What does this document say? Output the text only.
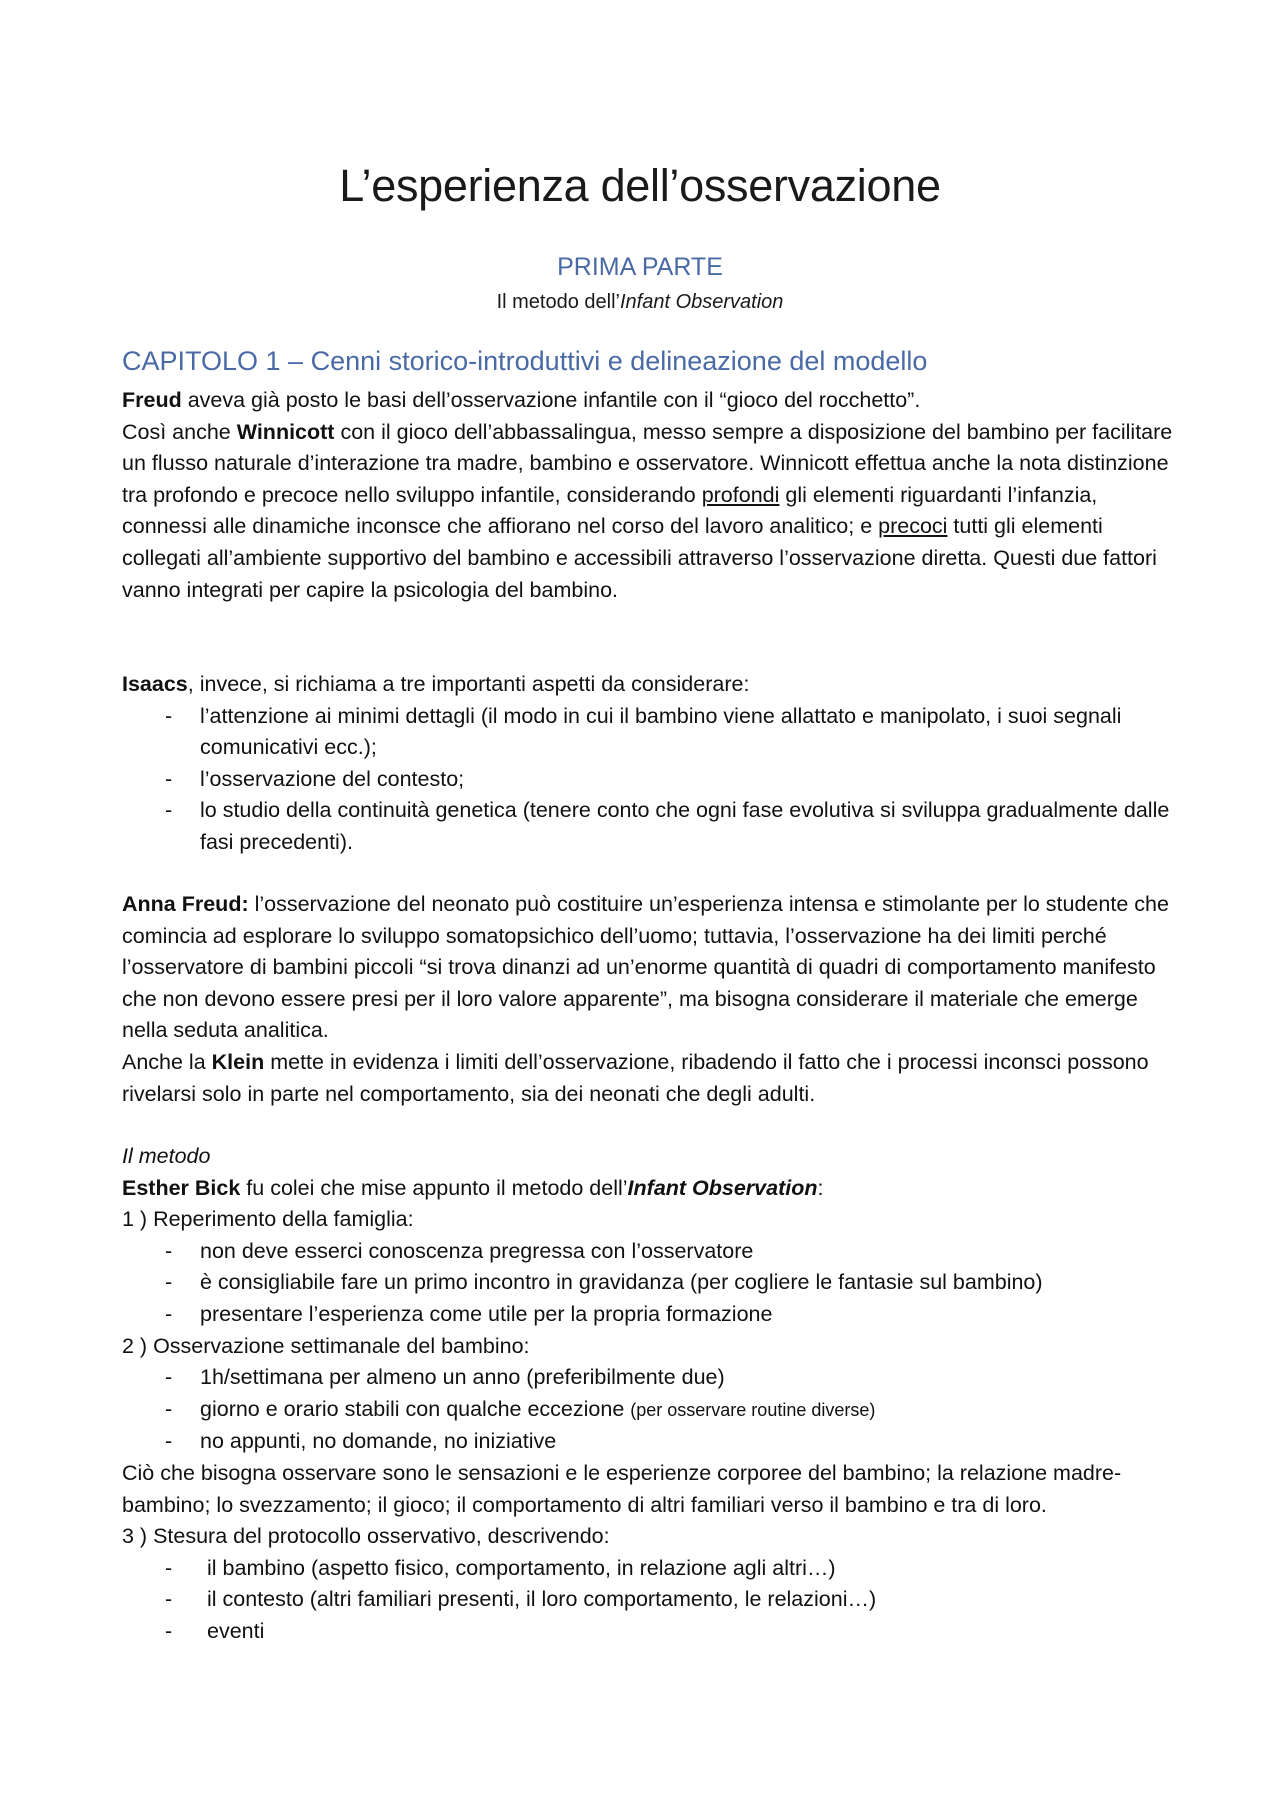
L’esperienza dell’osservazione
PRIMA PARTE
Il metodo dell’Infant Observation
CAPITOLO 1 – Cenni storico-introduttivi e delineazione del modello

Freud aveva già posto le basi dell’osservazione infantile con il “gioco del rocchetto”.

Così anche Winnicott con il gioco dell’abbassalingua, messo sempre a disposizione del bambino per facilitare un flusso naturale d’interazione tra madre, bambino e osservatore. Winnicott effettua anche la nota distinzione tra profondo e precoce nello sviluppo infantile, considerando profondi gli elementi riguardanti l’infanzia, connessi alle dinamiche inconsce che affiorano nel corso del lavoro analitico; e precoci tutti gli elementi collegati all’ambiente supportivo del bambino e accessibili attraverso l’osservazione diretta. Questi due fattori vanno integrati per capire la psicologia del bambino.

Isaacs, invece, si richiama a tre importanti aspetti da considerare:

- l’attenzione ai minimi dettagli (il modo in cui il bambino viene allattato e manipolato, i suoi segnali comunicativi ecc.);
- l’osservazione del contesto;
- lo studio della continuità genetica (tenere conto che ogni fase evolutiva si sviluppa gradualmente dalle fasi precedenti).

Anna Freud: l’osservazione del neonato può costituire un’esperienza intensa e stimolante per lo studente che comincia ad esplorare lo sviluppo somatopsichico dell’uomo; tuttavia, l’osservazione ha dei limiti perché l’osservatore di bambini piccoli “si trova dinanzi ad un’enorme quantità di quadri di comportamento manifesto che non devono essere presi per il loro valore apparente”, ma bisogna considerare il materiale che emerge nella seduta analitica.

Anche la Klein mette in evidenza i limiti dell’osservazione, ribadendo il fatto che i processi inconsci possono rivelarsi solo in parte nel comportamento, sia dei neonati che degli adulti.

Il metodo

Esther Bick fu colei che mise appunto il metodo dell’Infant Observation:

1 ) Reperimento della famiglia:

- non deve esserci conoscenza pregressa con l’osservatore
- è consigliabile fare un primo incontro in gravidanza (per cogliere le fantasie sul bambino)
- presentare l’esperienza come utile per la propria formazione

2 ) Osservazione settimanale del bambino:

- 1h/settimana per almeno un anno (preferibilmente due)
- giorno e orario stabili con qualche eccezione (per osservare routine diverse)
- no appunti, no domande, no iniziative

Ciò che bisogna osservare sono le sensazioni e le esperienze corporee del bambino; la relazione madre-bambino; lo svezzamento; il gioco; il comportamento di altri familiari verso il bambino e tra di loro.

3 ) Stesura del protocollo osservativo, descrivendo:

- il bambino (aspetto fisico, comportamento, in relazione agli altri…)
- il contesto (altri familiari presenti, il loro comportamento, le relazioni…)
- eventi
